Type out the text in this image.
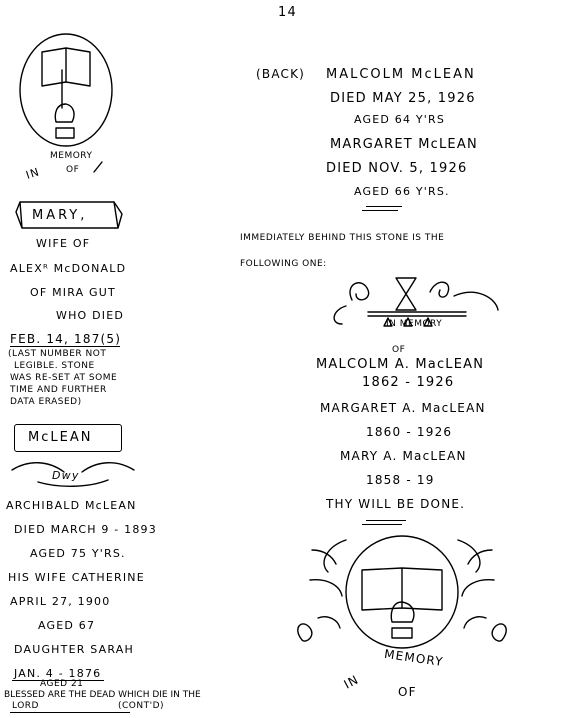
14
IN
MEMORY
OF
MARY,
WIFE OF
ALEXᴿ McDONALD
OF MIRA GUT
WHO DIED
FEB. 14, 187(5)
(LAST NUMBER NOT
LEGIBLE. STONE
WAS RE-SET AT SOME
TIME AND FURTHER
DATA ERASED)
McLEAN
Dwy
ARCHIBALD McLEAN
DIED MARCH 9 - 1893
AGED 75 Y'RS.
HIS WIFE CATHERINE
APRIL 27, 1900
AGED 67
DAUGHTER SARAH
JAN. 4 - 1876
AGED 21
BLESSED ARE THE DEAD WHICH DIE IN THE
LORD	(CONT'D)
(BACK) MALCOLM McLEAN
DIED MAY 25, 1926
AGED 64 Y'RS
MARGARET McLEAN
DIED NOV. 5, 1926
AGED 66 Y'RS.
IMMEDIATELY BEHIND THIS STONE IS THE
FOLLOWING ONE:
IN MEMORY
OF
MALCOLM A. MacLEAN
1862 - 1926
MARGARET A. MacLEAN
1860 - 1926
MARY A. MacLEAN
1858 - 19
THY WILL BE DONE.
IN
MEMORY
OF
